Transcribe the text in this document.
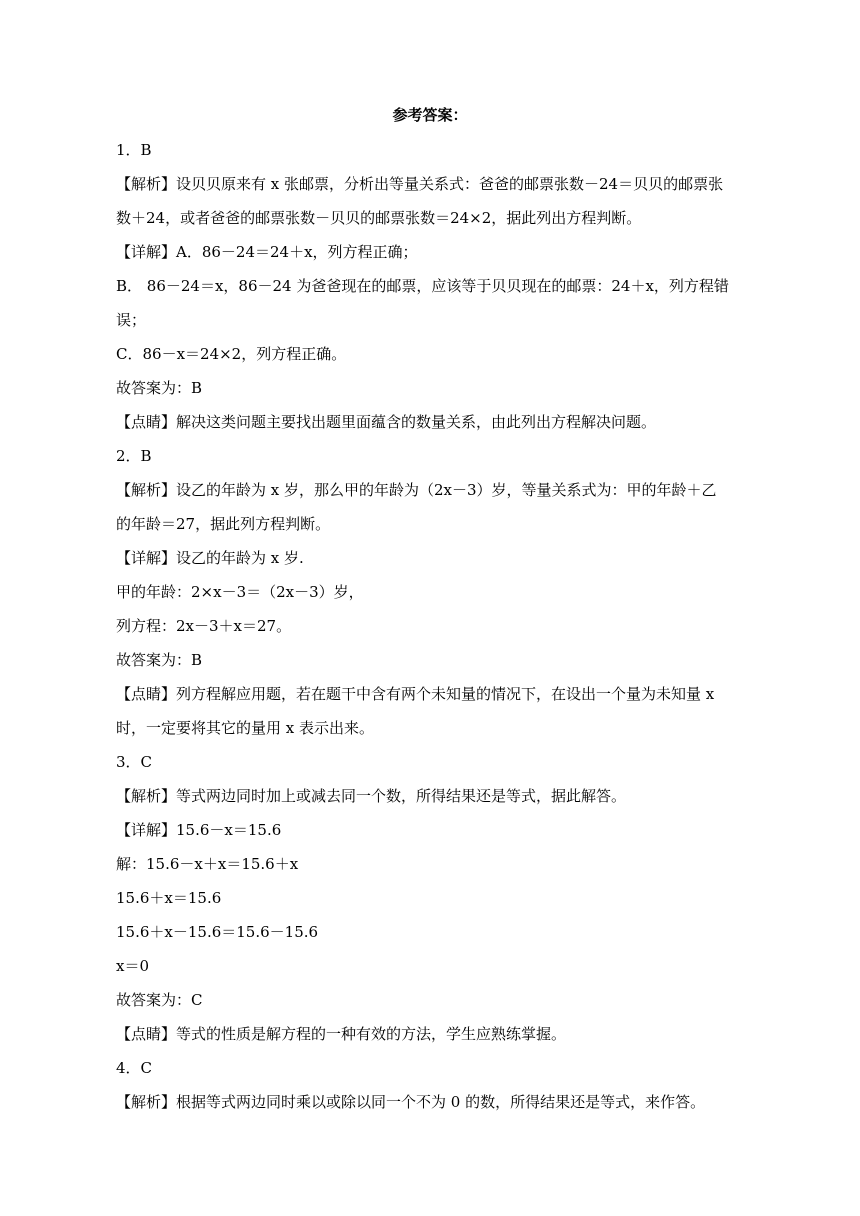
参考答案：
1．B
【解析】设贝贝原来有 x 张邮票，分析出等量关系式：爸爸的邮票张数－24＝贝贝的邮票张
数＋24，或者爸爸的邮票张数－贝贝的邮票张数＝24×2，据此列出方程判断。
【详解】A．86－24＝24＋x，列方程正确；
B． 86－24＝x，86－24 为爸爸现在的邮票，应该等于贝贝现在的邮票：24＋x，列方程错
误；
C．86－x＝24×2，列方程正确。
故答案为：B
【点睛】解决这类问题主要找出题里面蕴含的数量关系，由此列出方程解决问题。
2．B
【解析】设乙的年龄为 x 岁，那么甲的年龄为（2x－3）岁，等量关系式为：甲的年龄＋乙
的年龄＝27，据此列方程判断。
【详解】设乙的年龄为 x 岁.
甲的年龄：2×x－3＝（2x－3）岁，
列方程：2x－3＋x＝27。
故答案为：B
【点睛】列方程解应用题，若在题干中含有两个未知量的情况下，在设出一个量为未知量 x
时，一定要将其它的量用 x 表示出来。
3．C
【解析】等式两边同时加上或减去同一个数，所得结果还是等式，据此解答。
【详解】15.6－x＝15.6
解：15.6－x＋x＝15.6＋x
15.6＋x＝15.6
15.6＋x－15.6＝15.6－15.6
x＝0
故答案为：C
【点睛】等式的性质是解方程的一种有效的方法，学生应熟练掌握。
4．C
【解析】根据等式两边同时乘以或除以同一个不为 0 的数，所得结果还是等式，来作答。
